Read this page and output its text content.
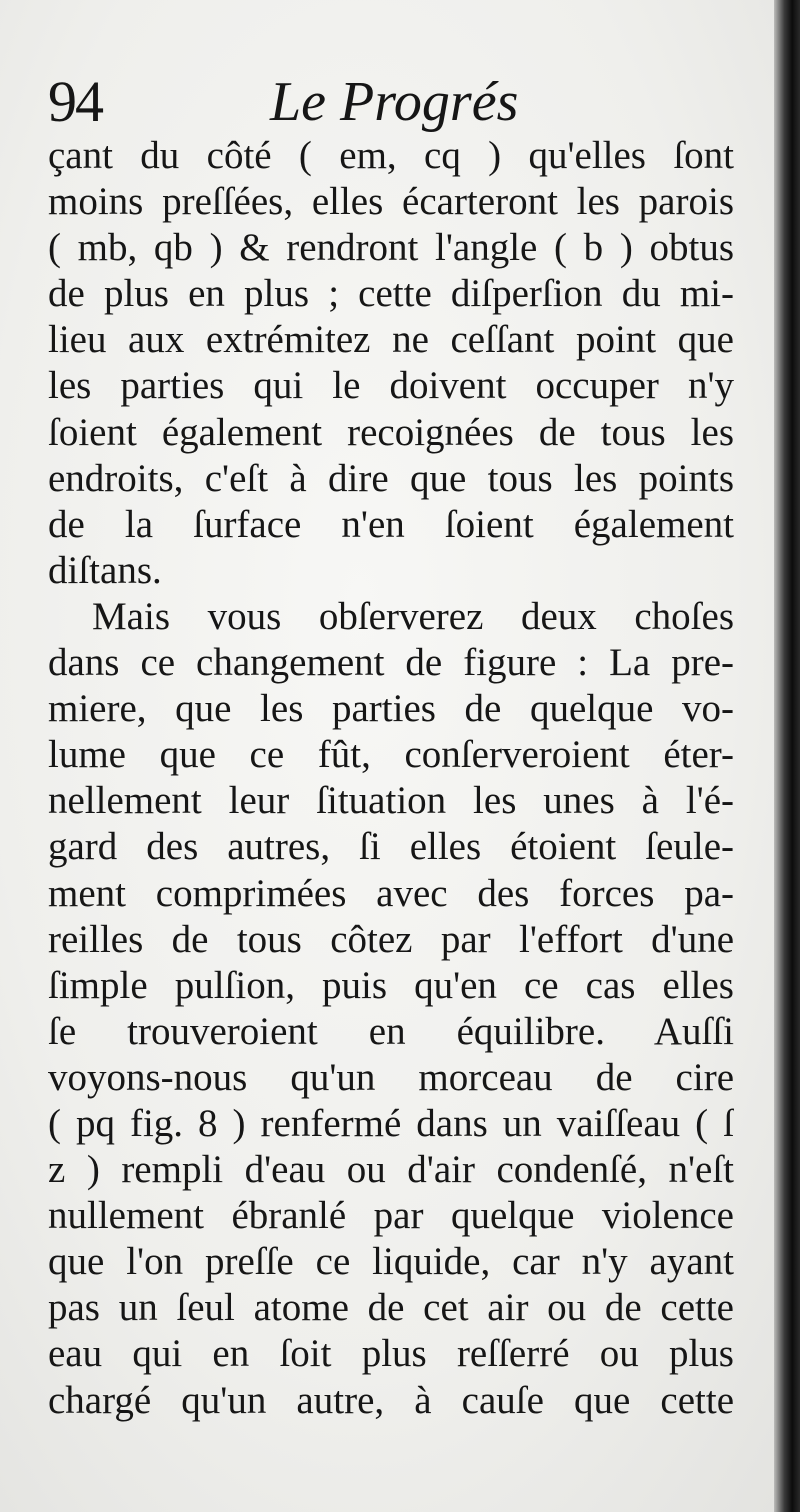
94	Le Progrés
çant du côté ( em, cq ) qu'elles ſont
moins preſſées, elles écarteront les parois
( mb, qb ) & rendront l'angle ( b ) obtus
de plus en plus ; cette diſperſion du mi-
lieu aux extrémitez ne ceſſant point que
les parties qui le doivent occuper n'y
ſoient également recoignées de tous les
endroits, c'eſt à dire que tous les points
de la ſurface n'en ſoient également
diſtans.
Mais vous obſerverez deux choſes
dans ce changement de figure : La pre-
miere, que les parties de quelque vo-
lume que ce fût, conſerveroient éter-
nellement leur ſituation les unes à l'é-
gard des autres, ſi elles étoient ſeule-
ment comprimées avec des forces pa-
reilles de tous côtez par l'effort d'une
ſimple pulſion, puis qu'en ce cas elles
ſe trouveroient en équilibre. Auſſi
voyons-nous qu'un morceau de cire
( pq fig. 8 ) renfermé dans un vaiſſeau ( ſ
z ) rempli d'eau ou d'air condenſé, n'eſt
nullement ébranlé par quelque violence
que l'on preſſe ce liquide, car n'y ayant
pas un ſeul atome de cet air ou de cette
eau qui en ſoit plus reſſerré ou plus
chargé qu'un autre, à cauſe que cette
